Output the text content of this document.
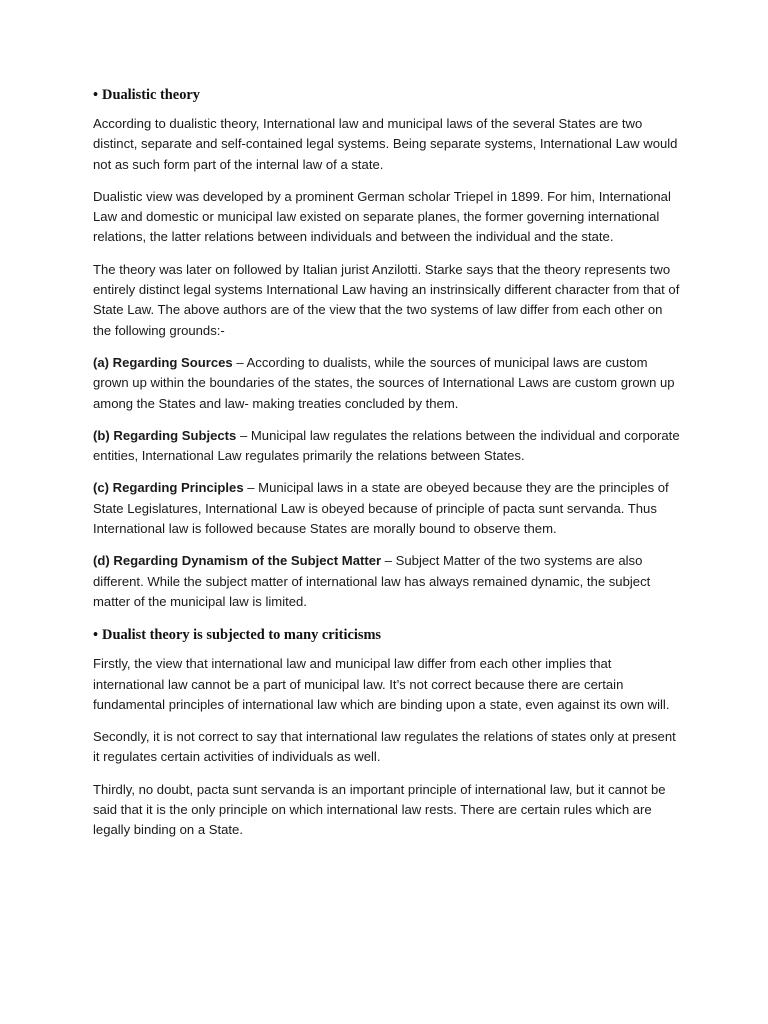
• Dualistic theory

According to dualistic theory, International law and municipal laws of the several States are two distinct, separate and self-contained legal systems. Being separate systems, International Law would not as such form part of the internal law of a state.

Dualistic view was developed by a prominent German scholar Triepel in 1899. For him, International Law and domestic or municipal law existed on separate planes, the former governing international relations, the latter relations between individuals and between the individual and the state.

The theory was later on followed by Italian jurist Anzilotti. Starke says that the theory represents two entirely distinct legal systems International Law having an instrinsically different character from that of State Law. The above authors are of the view that the two systems of law differ from each other on the following grounds:-

(a) Regarding Sources – According to dualists, while the sources of municipal laws are custom grown up within the boundaries of the states, the sources of International Laws are custom grown up among the States and law- making treaties concluded by them.

(b) Regarding Subjects – Municipal law regulates the relations between the individual and corporate entities, International Law regulates primarily the relations between States.

(c) Regarding Principles – Municipal laws in a state are obeyed because they are the principles of State Legislatures, International Law is obeyed because of principle of pacta sunt servanda. Thus International law is followed because States are morally bound to observe them.

(d) Regarding Dynamism of the Subject Matter – Subject Matter of the two systems are also different. While the subject matter of international law has always remained dynamic, the subject matter of the municipal law is limited.

• Dualist theory is subjected to many criticisms

Firstly, the view that international law and municipal law differ from each other implies that international law cannot be a part of municipal law. It’s not correct because there are certain fundamental principles of international law which are binding upon a state, even against its own will.

Secondly, it is not correct to say that international law regulates the relations of states only at present it regulates certain activities of individuals as well.

Thirdly, no doubt, pacta sunt servanda is an important principle of international law, but it cannot be said that it is the only principle on which international law rests. There are certain rules which are legally binding on a State.
